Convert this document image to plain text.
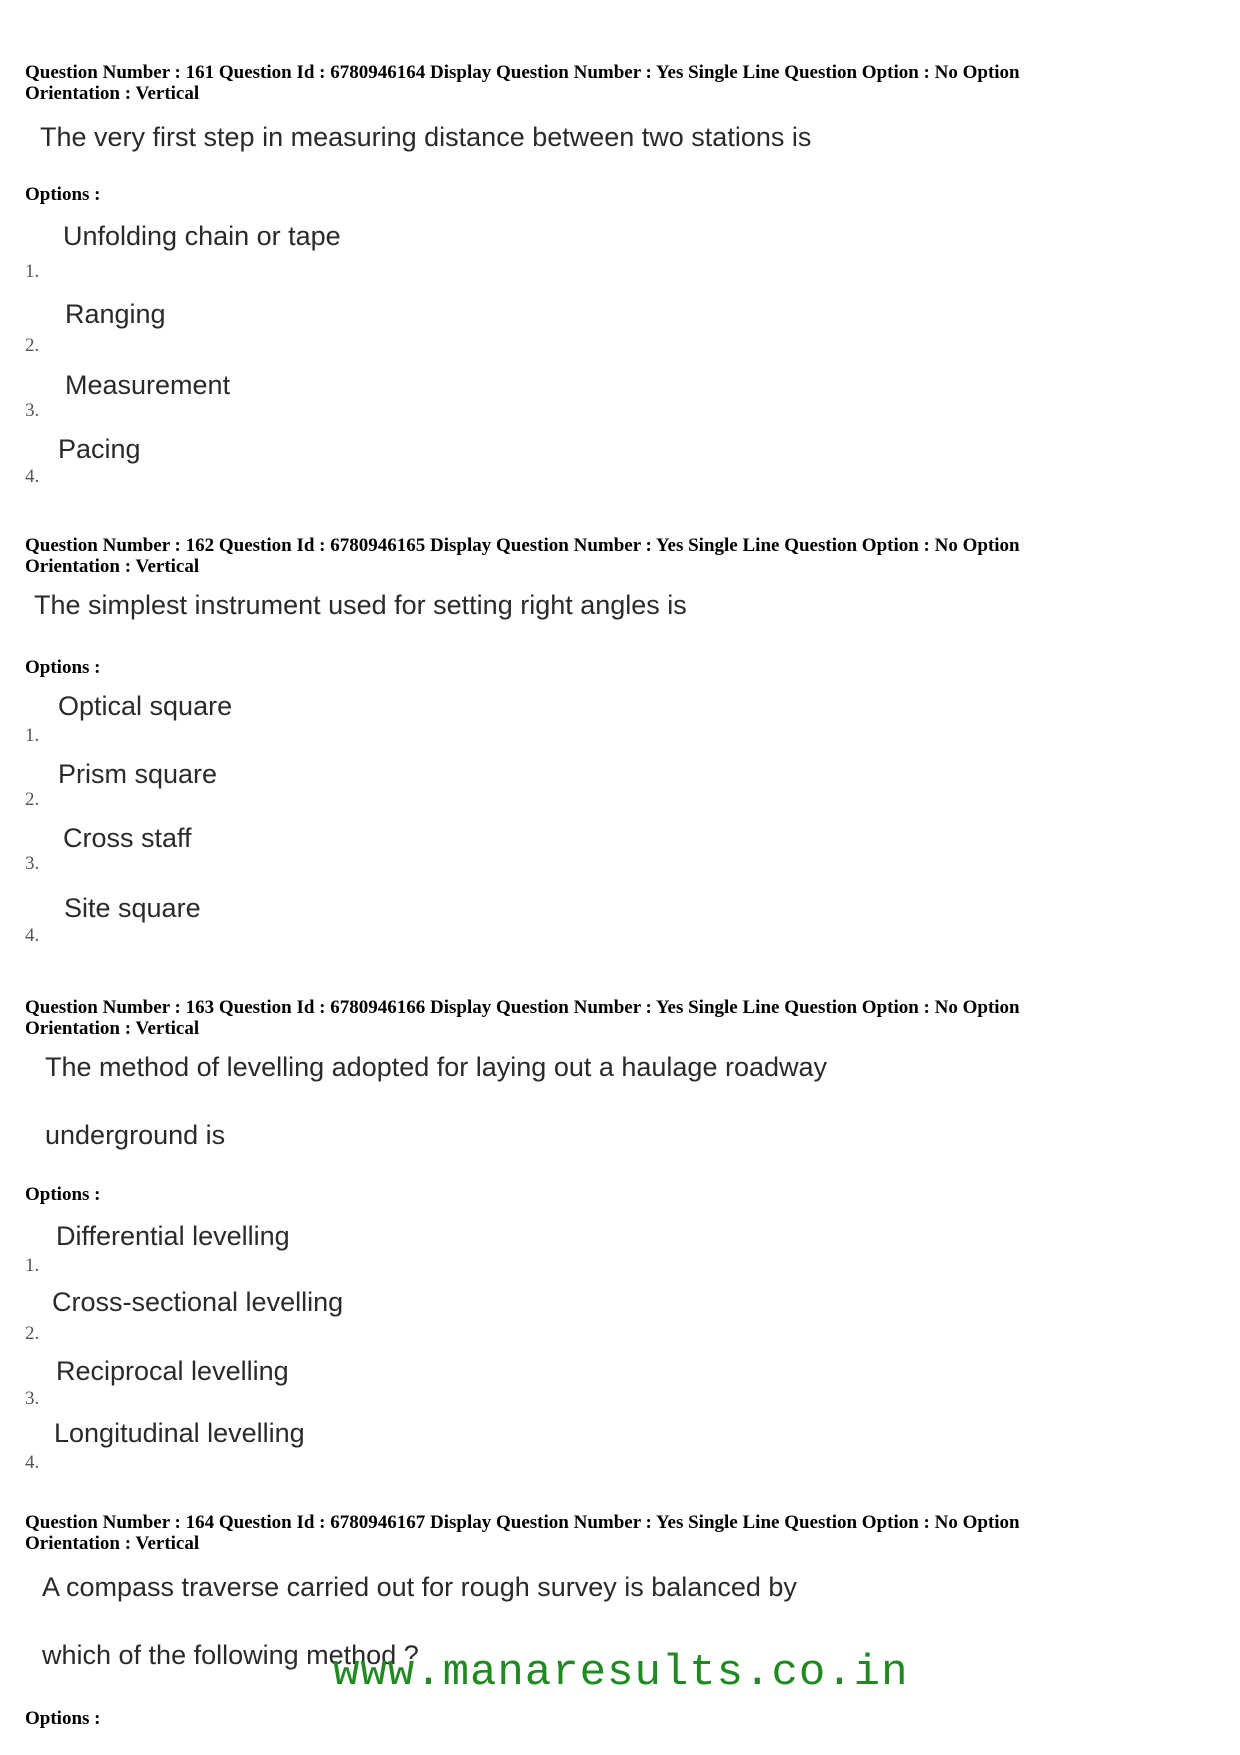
Question Number : 161 Question Id : 6780946164 Display Question Number : Yes Single Line Question Option : No Option

Orientation : Vertical

The very first step in measuring distance between two stations is
Options :
Unfolding chain or tape
1.
Ranging
2.
Measurement
3.
Pacing
4.

Question Number : 162 Question Id : 6780946165 Display Question Number : Yes Single Line Question Option : No Option

Orientation : Vertical

The simplest instrument used for setting right angles is
Options :
Optical square
1.
Prism square
2.
Cross staff
3.
Site square
4.

Question Number : 163 Question Id : 6780946166 Display Question Number : Yes Single Line Question Option : No Option

Orientation : Vertical

The method of levelling adopted for laying out a haulage roadway
underground is
Options :
Differential levelling
1.
Cross-sectional levelling
2.
Reciprocal levelling
3.
Longitudinal levelling
4.

Question Number : 164 Question Id : 6780946167 Display Question Number : Yes Single Line Question Option : No Option

Orientation : Vertical

A compass traverse carried out for rough survey is balanced by
which of the following method ?
Options :
www.manaresults.co.in
